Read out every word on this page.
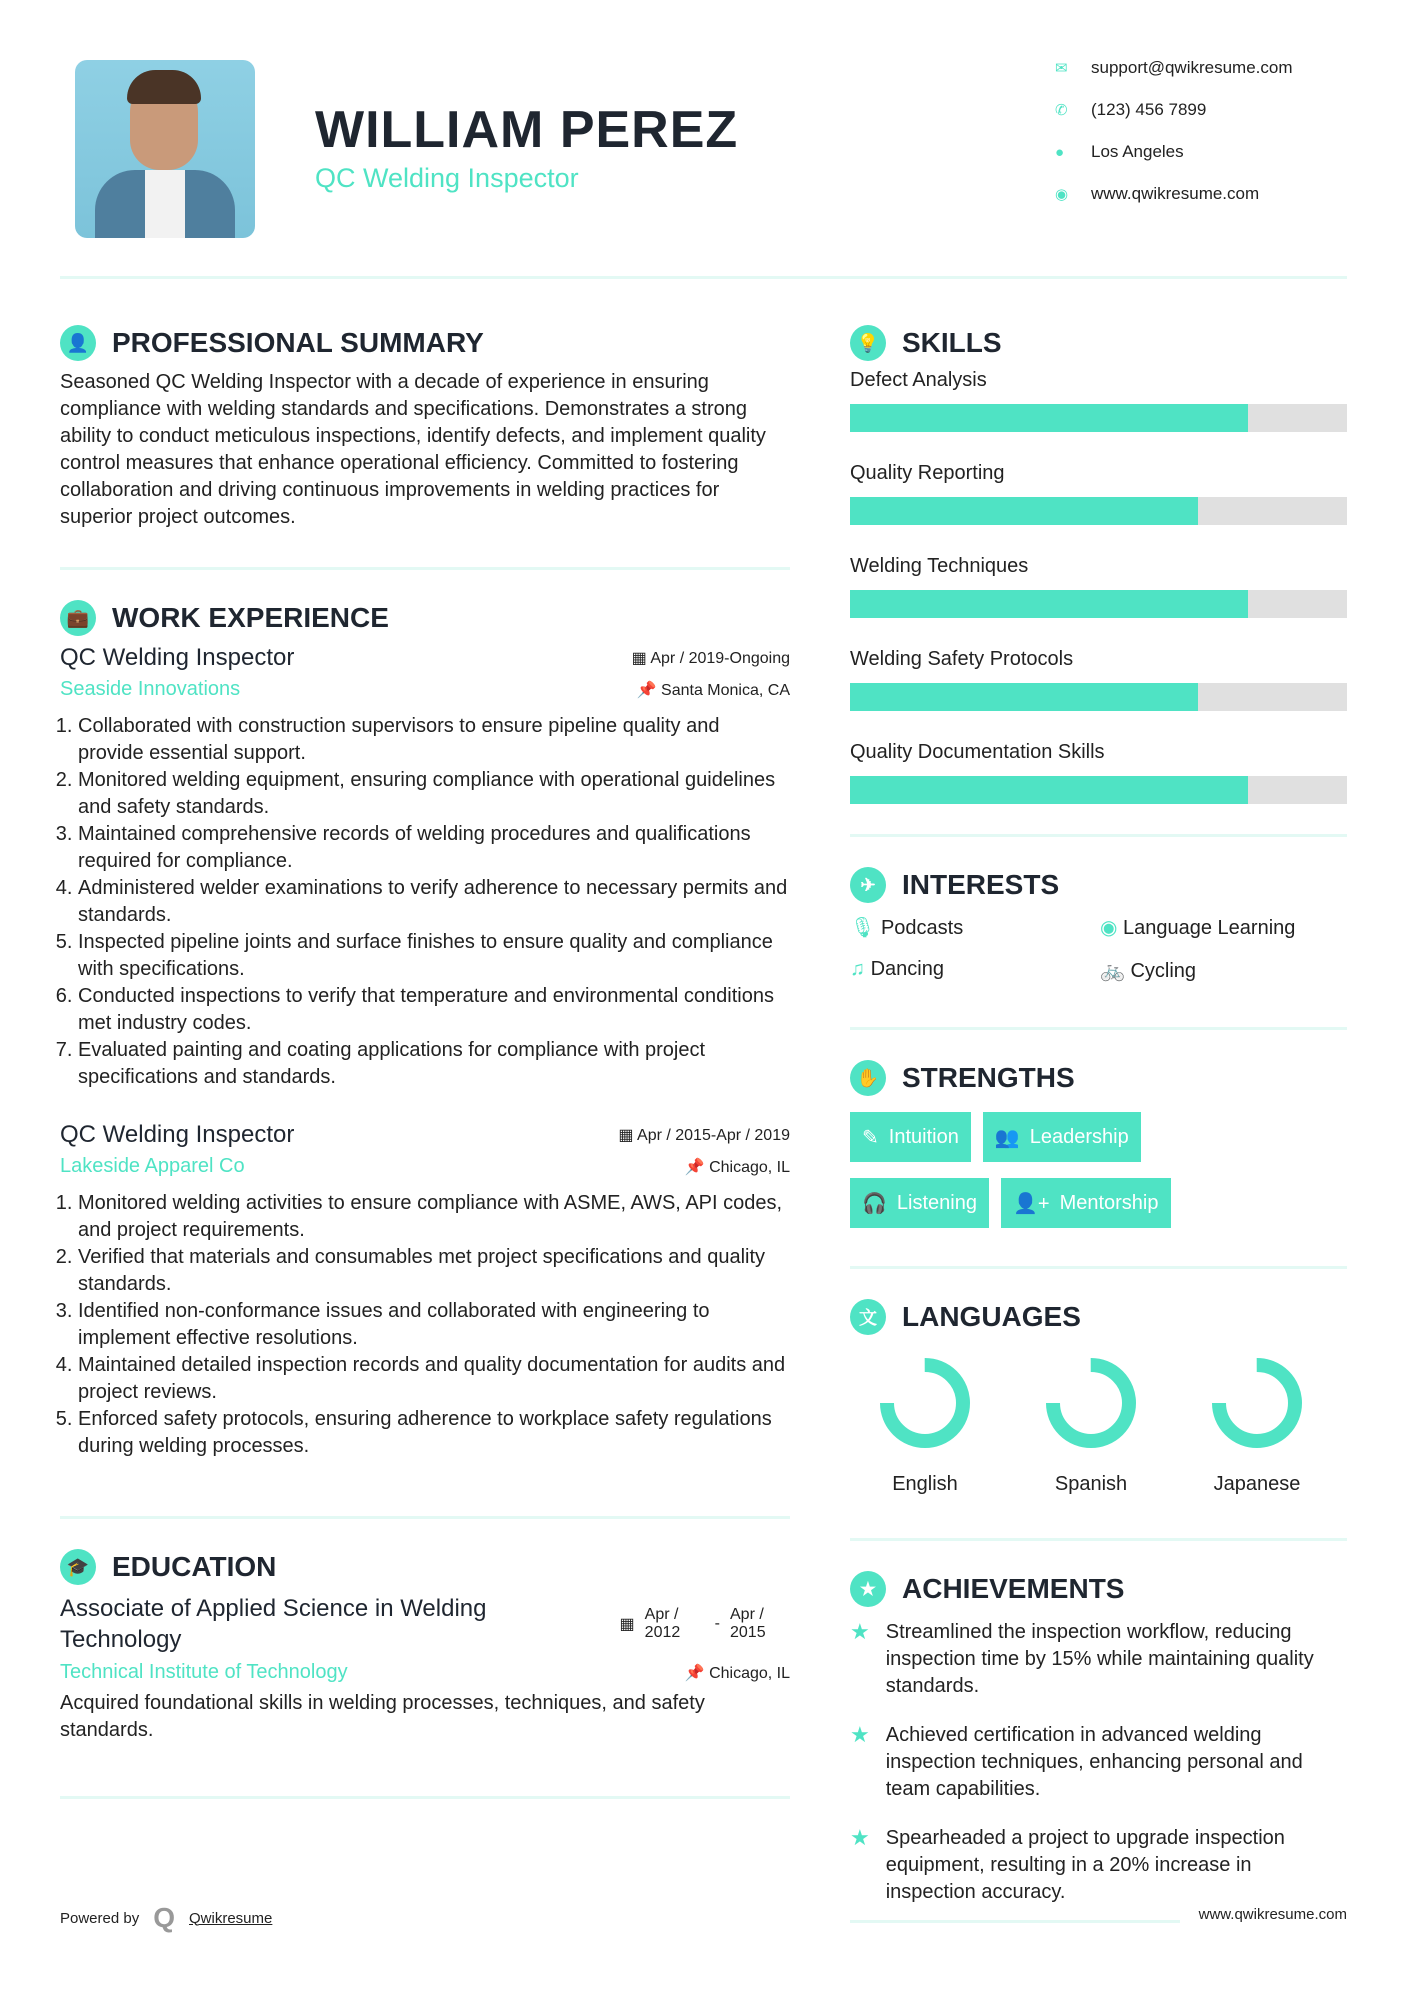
WILLIAM PEREZ
QC Welding Inspector
✉	support@qwikresume.com
✆	(123) 456 7899
●	Los Angeles
◉	www.qwikresume.com
👤 PROFESSIONAL SUMMARY

Seasoned QC Welding Inspector with a decade of experience in ensuring compliance with welding standards and specifications. Demonstrates a strong ability to conduct meticulous inspections, identify defects, and implement quality control measures that enhance operational efficiency. Committed to fostering collaboration and driving continuous improvements in welding practices for superior project outcomes.

💼 WORK EXPERIENCE
QC Welding Inspector	▦ Apr / 2019-Ongoing
Seaside Innovations	📌 Santa Monica, CA
1. Collaborated with construction supervisors to ensure pipeline quality and provide essential support.
2. Monitored welding equipment, ensuring compliance with operational guidelines and safety standards.
3. Maintained comprehensive records of welding procedures and qualifications required for compliance.
4. Administered welder examinations to verify adherence to necessary permits and standards.
5. Inspected pipeline joints and surface finishes to ensure quality and compliance with specifications.
6. Conducted inspections to verify that temperature and environmental conditions met industry codes.
7. Evaluated painting and coating applications for compliance with project specifications and standards.
QC Welding Inspector	▦ Apr / 2015-Apr / 2019
Lakeside Apparel Co	📌 Chicago, IL
1. Monitored welding activities to ensure compliance with ASME, AWS, API codes, and project requirements.
2. Verified that materials and consumables met project specifications and quality standards.
3. Identified non-conformance issues and collaborated with engineering to implement effective resolutions.
4. Maintained detailed inspection records and quality documentation for audits and project reviews.
5. Enforced safety protocols, ensuring adherence to workplace safety regulations during welding processes.
🎓 EDUCATION
Associate of Applied Science in Welding Technology
▦
Apr / 2012
-
Apr / 2015
Technical Institute of Technology	📌 Chicago, IL

Acquired foundational skills in welding processes, techniques, and safety standards.

💡 SKILLS
Defect Analysis
Quality Reporting
Welding Techniques
Welding Safety Protocols
Quality Documentation Skills
✈ INTERESTS
🎙 Podcasts	◉ Language Learning
♫ Dancing	🚲 Cycling
✋ STRENGTHS
✎ Intuition 👥 Leadership
🎧 Listening 👤+ Mentorship
文 LANGUAGES
English	Spanish	Japanese
★ ACHIEVEMENTS
★ Streamlined the inspection workflow, reducing inspection time by 15% while maintaining quality standards.
★ Achieved certification in advanced welding inspection techniques, enhancing personal and team capabilities.
★ Spearheaded a project to upgrade inspection equipment, resulting in a 20% increase in inspection accuracy.
Powered by Q Qwikresume	www.qwikresume.com
